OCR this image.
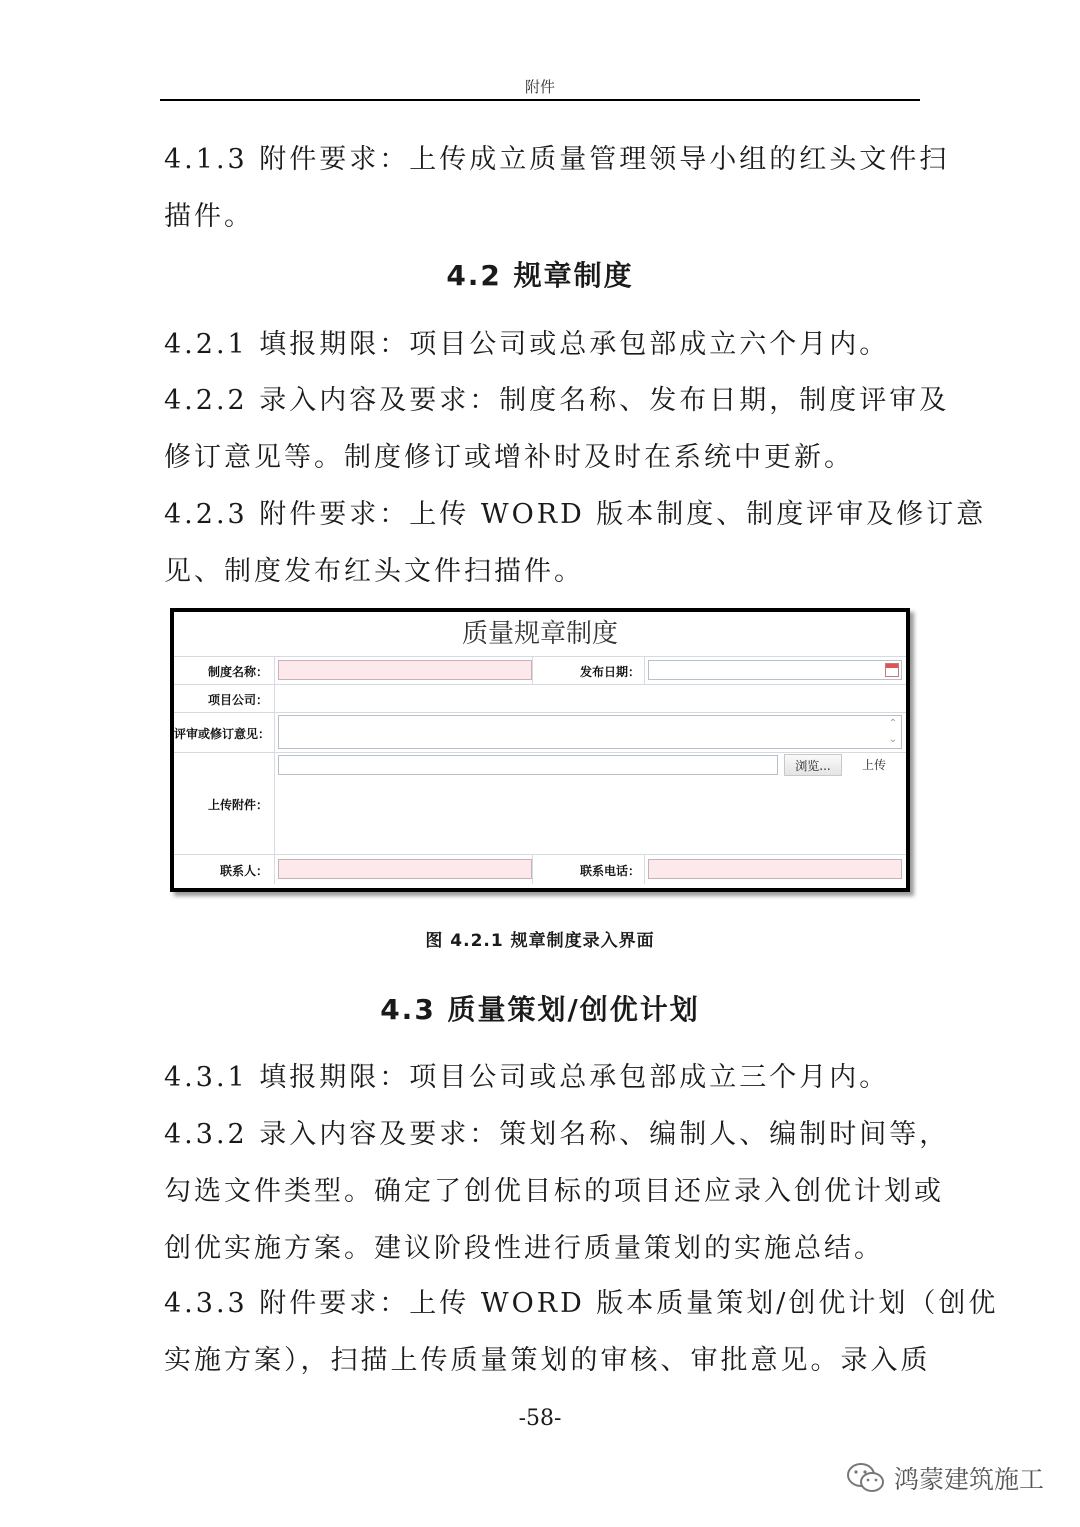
附件
4.1.3 附件要求：上传成立质量管理领导小组的红头文件扫
描件。
4.2 规章制度
4.2.1 填报期限：项目公司或总承包部成立六个月内。
4.2.2 录入内容及要求：制度名称、发布日期，制度评审及
修订意见等。制度修订或增补时及时在系统中更新。
4.2.3 附件要求：上传 WORD 版本制度、制度评审及修订意
见、制度发布红头文件扫描件。
质量规章制度
制度名称：	发布日期：
项目公司：
评审或修订意见：
⌃
⌄
上传附件：
浏览...	上传
联系人：	联系电话：
图 4.2.1 规章制度录入界面
4.3 质量策划/创优计划
4.3.1 填报期限：项目公司或总承包部成立三个月内。
4.3.2 录入内容及要求：策划名称、编制人、编制时间等，
勾选文件类型。确定了创优目标的项目还应录入创优计划或
创优实施方案。建议阶段性进行质量策划的实施总结。
4.3.3 附件要求：上传 WORD 版本质量策划/创优计划（创优
实施方案），扫描上传质量策划的审核、审批意见。录入质
-58-
鸿蒙建筑施工
